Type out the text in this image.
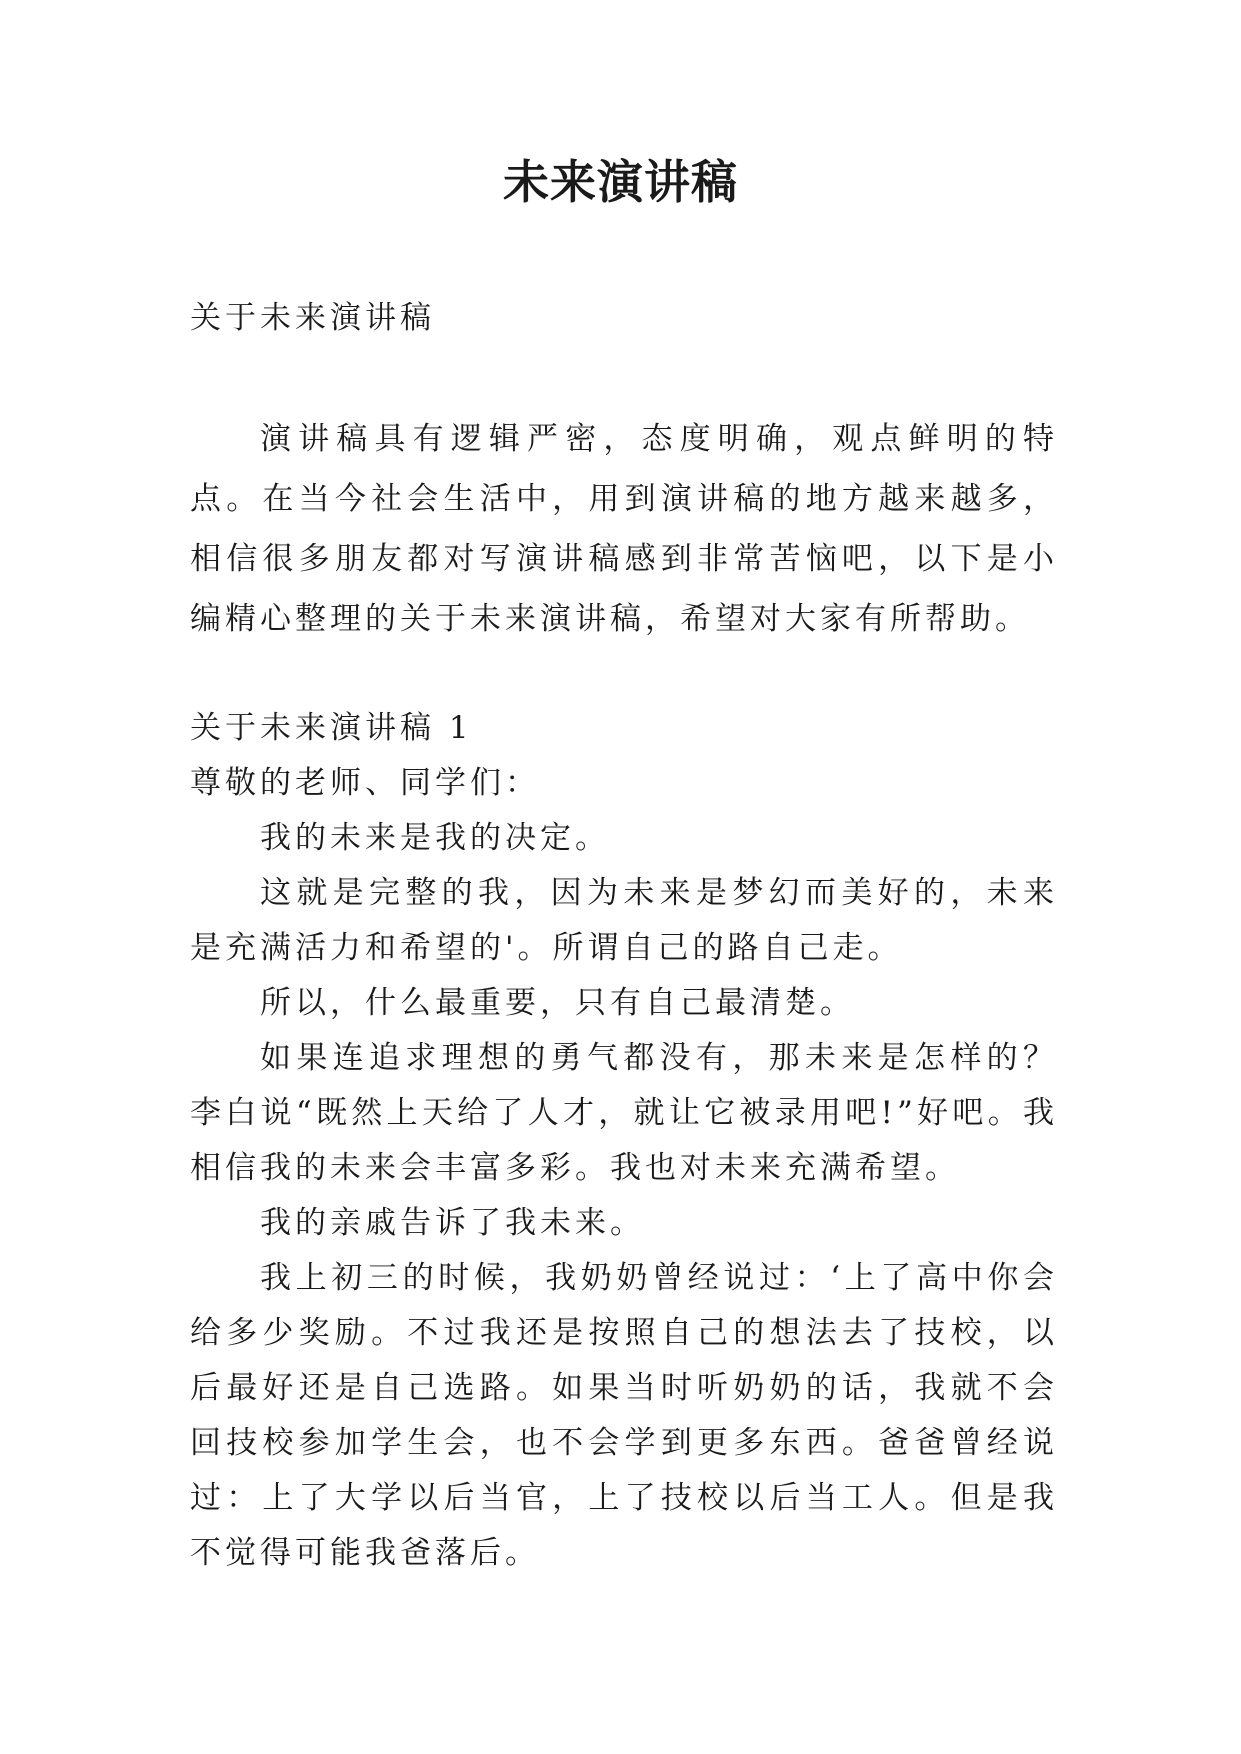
未来演讲稿

关于未来演讲稿

演讲稿具有逻辑严密，态度明确，观点鲜明的特点。在当今社会生活中，用到演讲稿的地方越来越多，相信很多朋友都对写演讲稿感到非常苦恼吧，以下是小编精心整理的关于未来演讲稿，希望对大家有所帮助。

关于未来演讲稿 1

尊敬的老师、同学们：

我的未来是我的决定。

这就是完整的我，因为未来是梦幻而美好的，未来是充满活力和希望的'。所谓自己的路自己走。

所以，什么最重要，只有自己最清楚。

如果连追求理想的勇气都没有，那未来是怎样的？李白说“既然上天给了人才，就让它被录用吧!”好吧。我相信我的未来会丰富多彩。我也对未来充满希望。

我的亲戚告诉了我未来。

我上初三的时候，我奶奶曾经说过：‘上了高中你会给多少奖励。不过我还是按照自己的想法去了技校，以后最好还是自己选路。如果当时听奶奶的话，我就不会回技校参加学生会，也不会学到更多东西。爸爸曾经说过：上了大学以后当官，上了技校以后当工人。但是我不觉得可能我爸落后。
